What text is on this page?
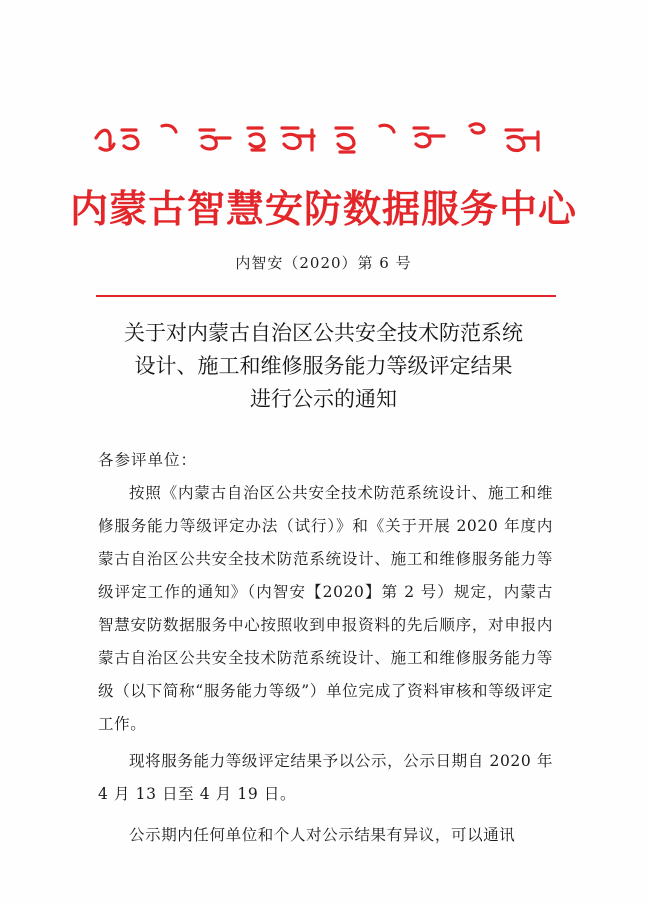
内蒙古智慧安防数据服务中心
内智安（2020）第 6 号
关于对内蒙古自治区公共安全技术防范系统
设计、施工和维修服务能力等级评定结果
进行公示的通知

各参评单位：

按照《内蒙古自治区公共安全技术防范系统设计、施工和维修服务能力等级评定办法（试行）》和《关于开展 2020 年度内蒙古自治区公共安全技术防范系统设计、施工和维修服务能力等级评定工作的通知》（内智安【2020】第 2 号）规定，内蒙古智慧安防数据服务中心按照收到申报资料的先后顺序，对申报内蒙古自治区公共安全技术防范系统设计、施工和维修服务能力等级（以下简称“服务能力等级”）单位完成了资料审核和等级评定工作。

现将服务能力等级评定结果予以公示，公示日期自 2020 年 4 月 13 日至 4 月 19 日。

公示期内任何单位和个人对公示结果有异议，可以通讯
